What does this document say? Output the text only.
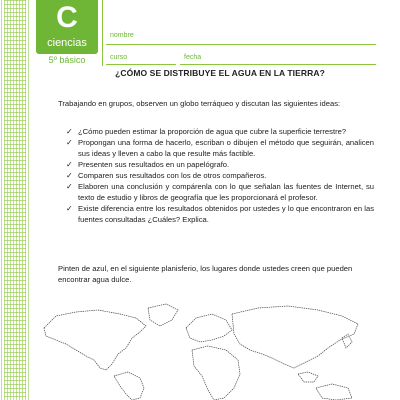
C
ciencias
5º básico
nombre
curso	fecha
¿CÓMO SE DISTRIBUYE EL AGUA EN LA TIERRA?
Trabajando en grupos, observen un globo terráqueo y discutan las siguientes ideas:
✓ ¿Cómo pueden estimar la proporción de agua que cubre la superficie terrestre?
✓ Propongan una forma de hacerlo, escriban o dibujen el método que seguirán, analicen sus ideas y lleven a cabo la que resulte más factible.
✓ Presenten sus resultados en un papelógrafo.
✓ Comparen sus resultados con los de otros compañeros.
✓ Elaboren una conclusión y compárenla con lo que señalan las fuentes de Internet, su texto de estudio y libros de geografía que les proporcionará el profesor.
✓ Existe diferencia entre los resultados obtenidos por ustedes y lo que encontraron en las fuentes consultadas ¿Cuáles? Explica.
Pinten de azul, en el siguiente planisferio, los lugares donde ustedes creen que pueden encontrar agua dulce.
